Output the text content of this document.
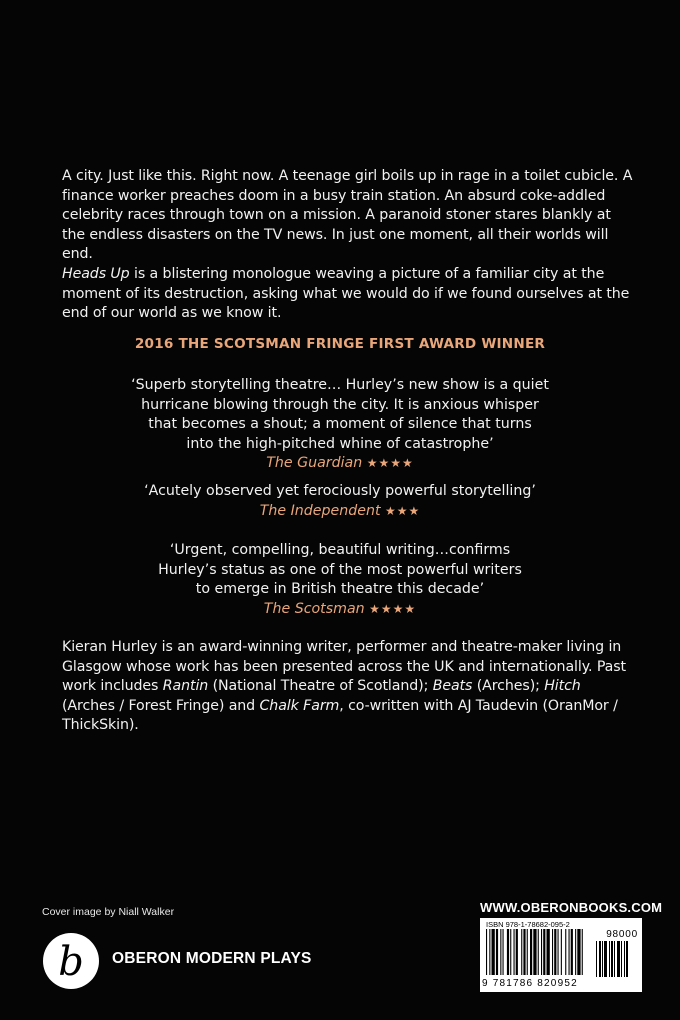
A city. Just like this. Right now. A teenage girl boils up in rage in a toilet cubicle. A finance worker preaches doom in a busy train station. An absurd coke-addled celebrity races through town on a mission. A paranoid stoner stares blankly at the endless disasters on the TV news. In just one moment, all their worlds will end.
Heads Up is a blistering monologue weaving a picture of a familiar city at the moment of its destruction, asking what we would do if we found ourselves at the end of our world as we know it.
2016 THE SCOTSMAN FRINGE FIRST AWARD WINNER
‘Superb storytelling theatre… Hurley’s new show is a quiet
hurricane blowing through the city. It is anxious whisper
that becomes a shout; a moment of silence that turns
into the high-pitched whine of catastrophe’
The Guardian ★★★★
‘Acutely observed yet ferociously powerful storytelling’
The Independent ★★★
‘Urgent, compelling, beautiful writing…confirms
Hurley’s status as one of the most powerful writers
to emerge in British theatre this decade’
The Scotsman ★★★★
Kieran Hurley is an award-winning writer, performer and theatre-maker living in Glasgow whose work has been presented across the UK and internationally. Past work includes Rantin (National Theatre of Scotland); Beats (Arches); Hitch (Arches / Forest Fringe) and Chalk Farm, co-written with AJ Taudevin (OranMor / ThickSkin).
Cover image by Niall Walker
b OBERON MODERN PLAYS
WWW.OBERONBOOKS.COM
ISBN 978-1-78682-095-2
9 781786 820952
98000
